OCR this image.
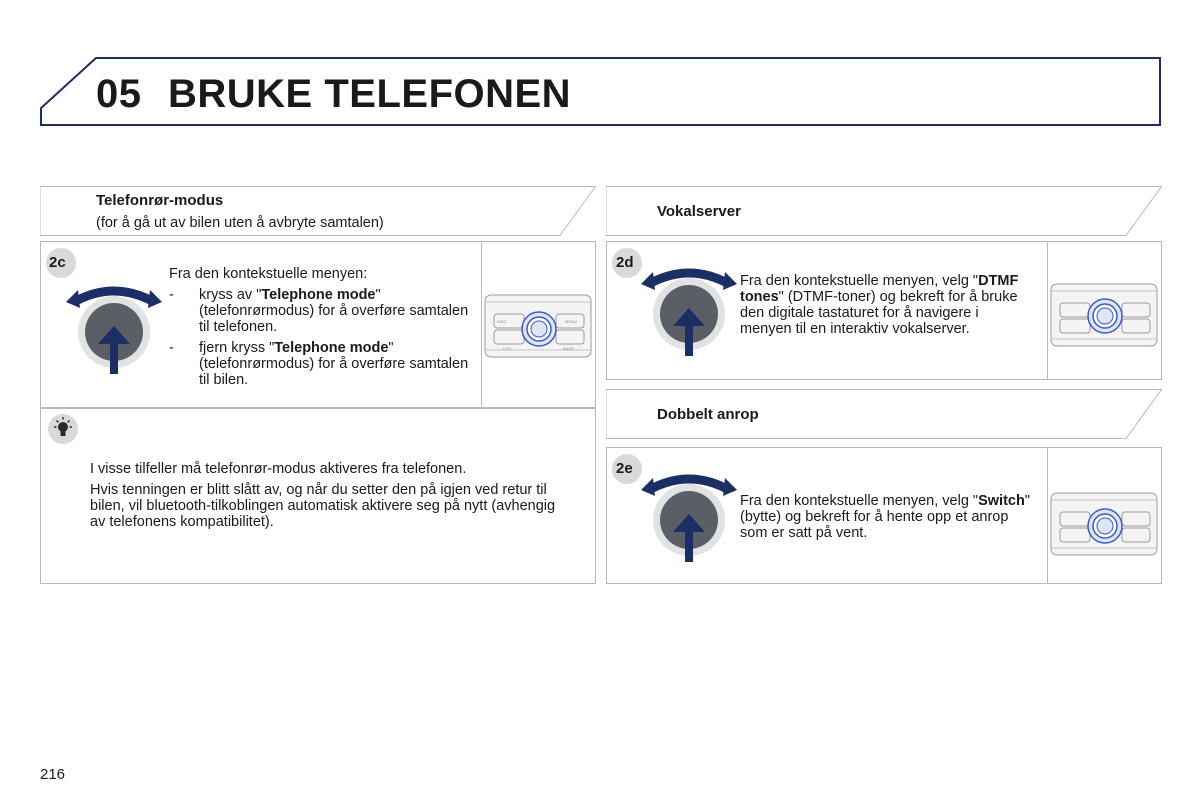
05 BRUKE TELEFONEN
Telefonrør-modus
(for å gå ut av bilen uten å avbryte samtalen)
2c
Fra den kontekstuelle menyen:
- kryss av "Telephone mode" (telefonrørmodus) for å overføre samtalen til telefonen.
- fjern kryss "Telephone mode" (telefonrørmodus) for å overføre samtalen til bilen.
I visse tilfeller må telefonrør-modus aktiveres fra telefonen.
Hvis tenningen er blitt slått av, og når du setter den på igjen ved retur til bilen, vil bluetooth-tilkoblingen automatisk aktivere seg på nytt (avhengig av telefonens kompatibilitet).
Vokalserver
2d
Fra den kontekstuelle menyen, velg "DTMF tones" (DTMF-toner) og bekreft for å bruke den digitale tastaturet for å navigere i menyen til en interaktiv vokalserver.
Dobbelt anrop
2e
Fra den kontekstuelle menyen, velg "Switch" (bytte) og bekreft for å hente opp et anrop som er satt på vent.
DISC	MENU
LIST	BACK
216
